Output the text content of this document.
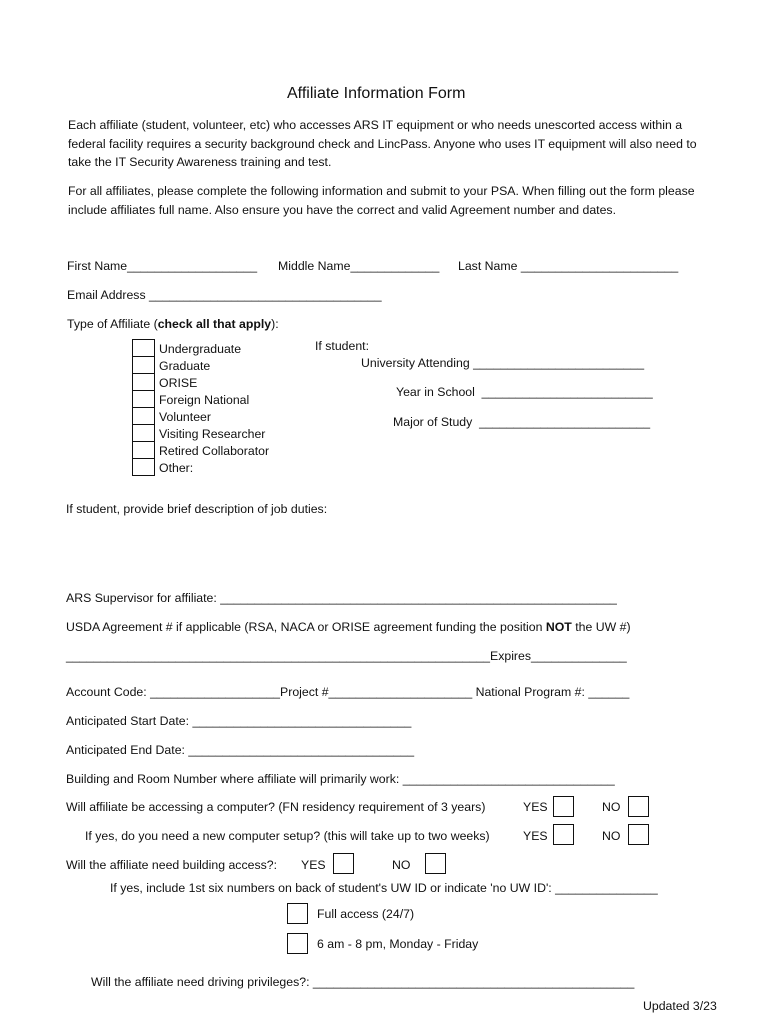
Affiliate Information Form
Each affiliate (student, volunteer, etc) who accesses ARS IT equipment or who needs unescorted access within a federal facility requires a security background check and LincPass. Anyone who uses IT equipment will also need to take the IT Security Awareness training and test.
For all affiliates, please complete the following information and submit to your PSA. When filling out the form please include affiliates full name. Also ensure you have the correct and valid Agreement number and dates.
First Name___________________ Middle Name_____________ Last Name _______________________
Email Address __________________________________
Type of Affiliate (check all that apply):
Undergraduate
Graduate
ORISE
Foreign National
Volunteer
Visiting Researcher
Retired Collaborator
Other:
If student:
University Attending _________________________
Year in School  _________________________
Major of Study  _________________________
If student, provide brief description of job duties:
ARS Supervisor for affiliate: __________________________________________________________
USDA Agreement # if applicable (RSA, NACA or ORISE agreement funding the position NOT the UW #)
______________________________________________________________Expires______________
Account Code: ___________________Project #_____________________ National Program #: ______
Anticipated Start Date: ________________________________
Anticipated End Date: _________________________________
Building and Room Number where affiliate will primarily work: _______________________________
Will affiliate be accessing a computer? (FN residency requirement of 3 years)	YES	NO
If yes, do you need a new computer setup? (this will take up to two weeks)	YES	NO
Will the affiliate need building access?: YES	NO
If yes, include 1st six numbers on back of student's UW ID or indicate 'no UW ID': _______________
Full access (24/7)
6 am - 8 pm, Monday - Friday
Will the affiliate need driving privileges?: _______________________________________________
Updated 3/23
